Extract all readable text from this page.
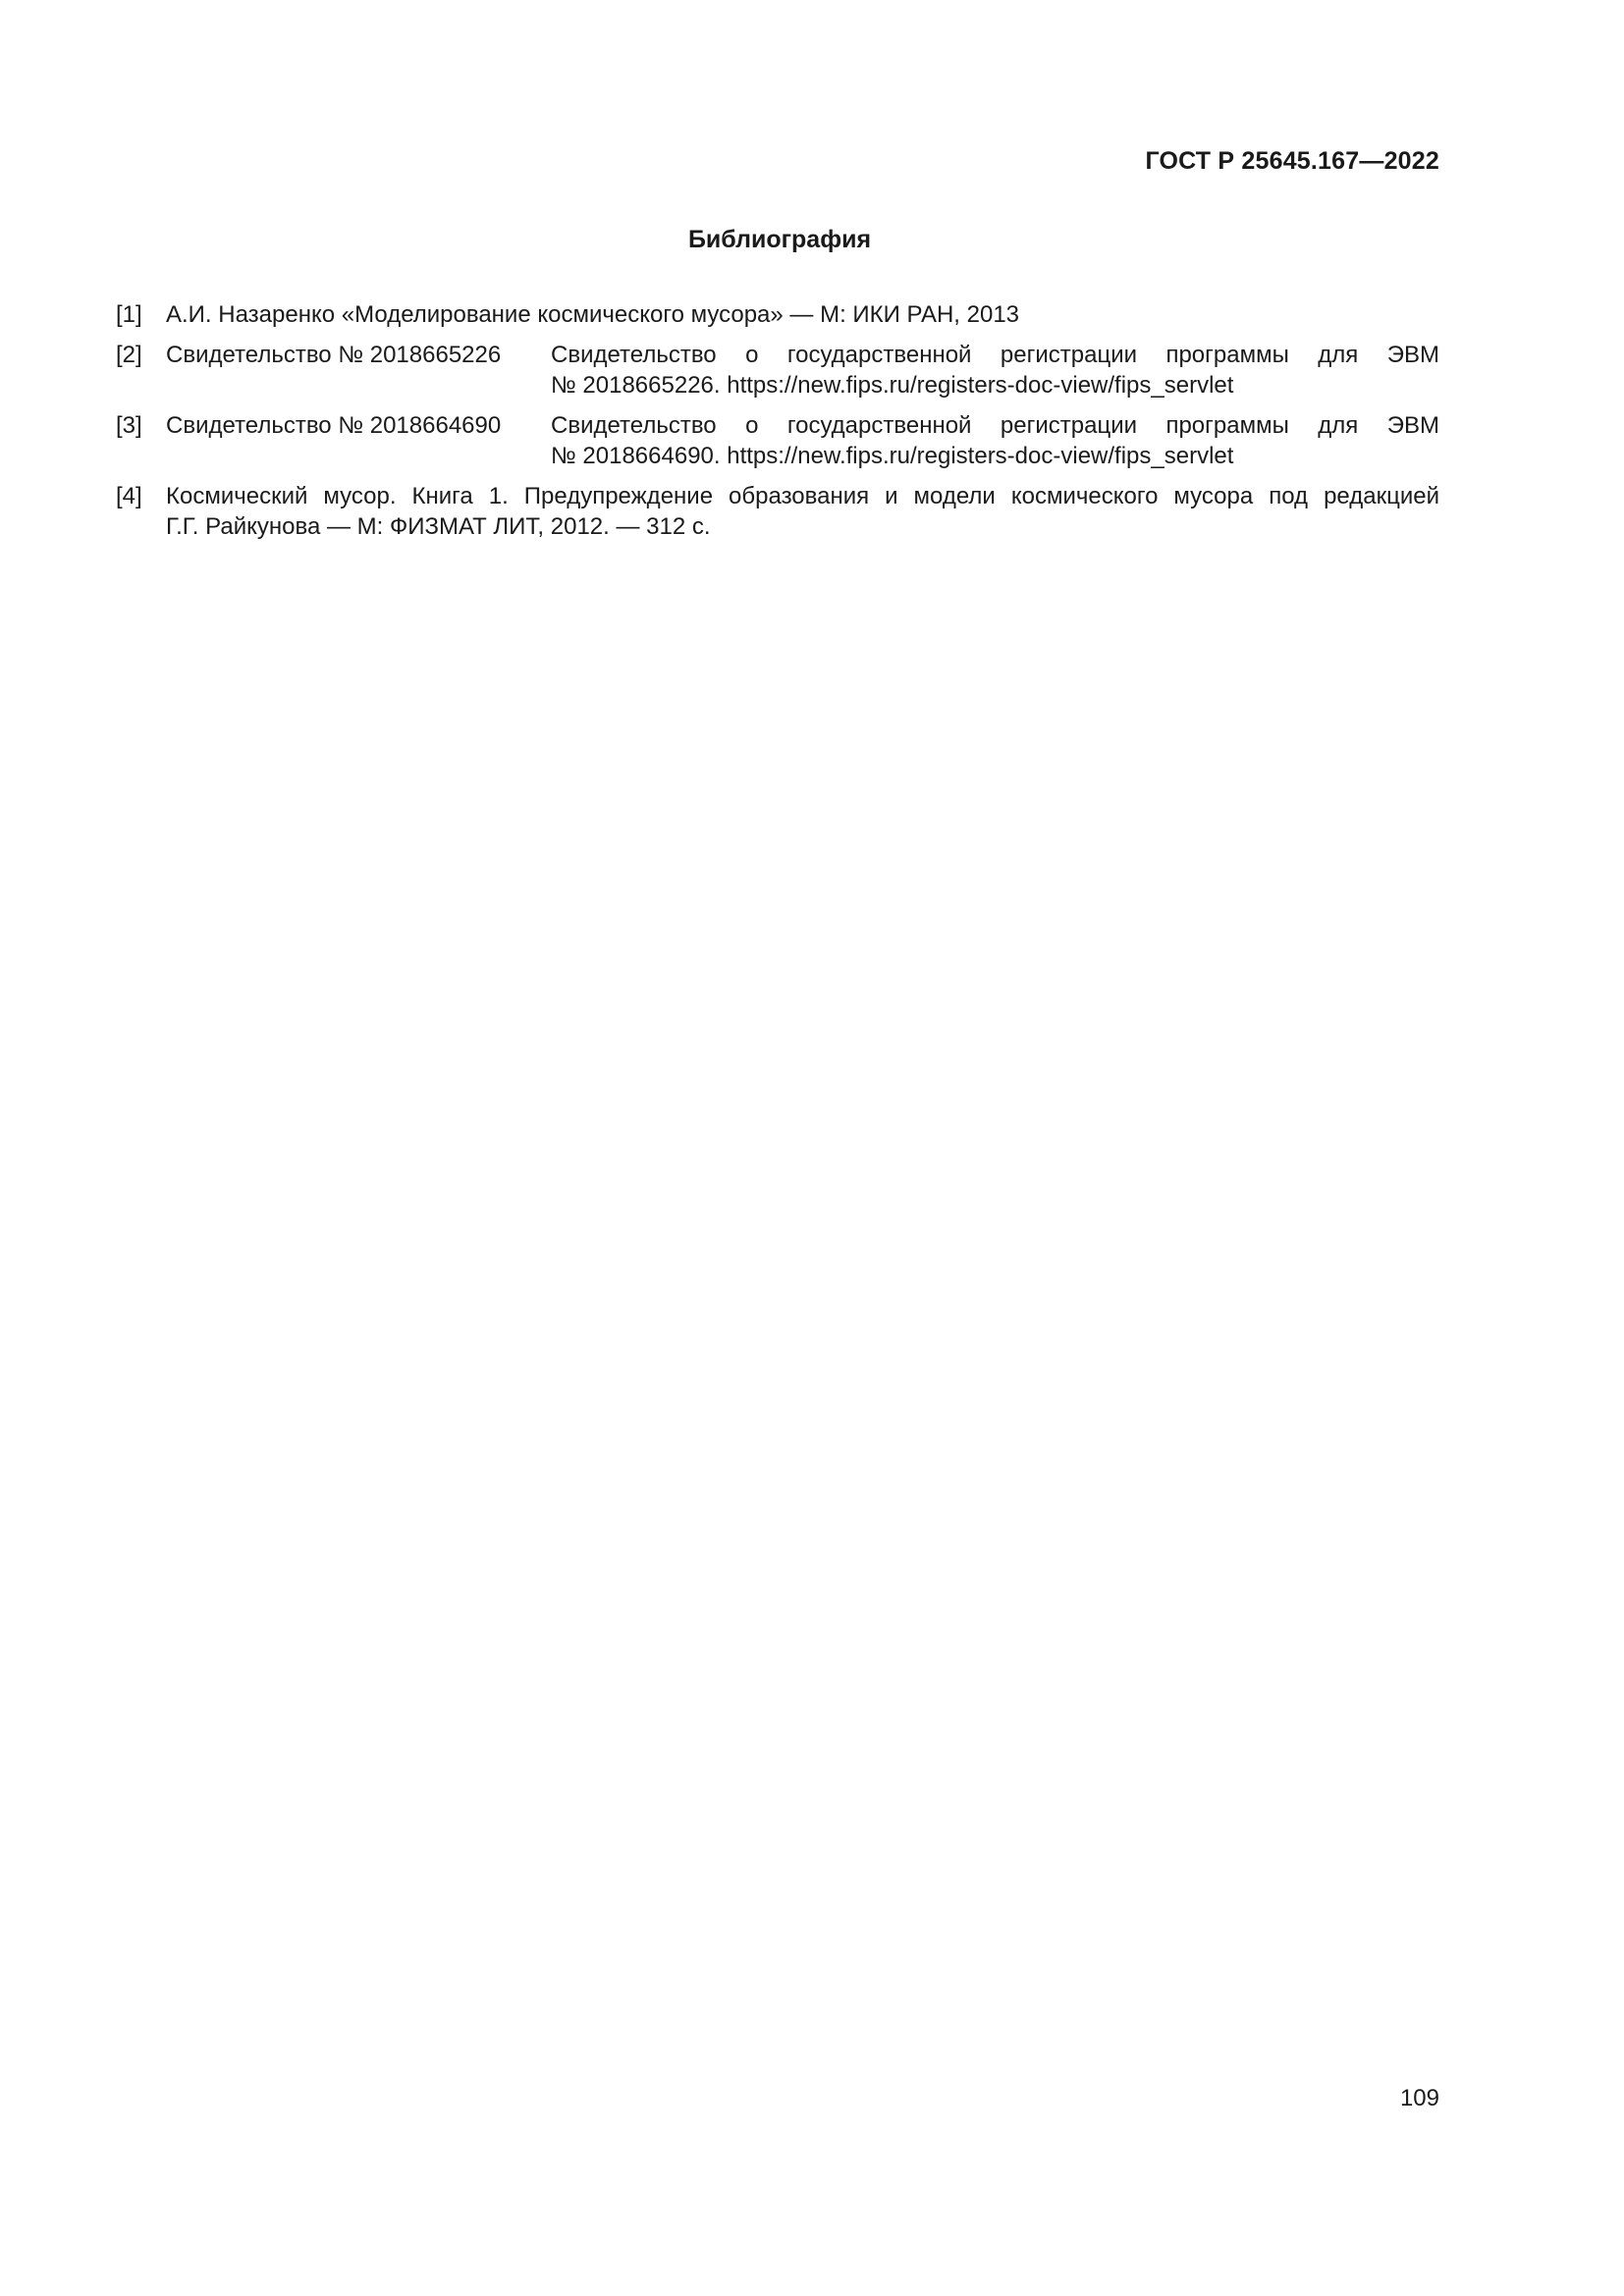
ГОСТ Р 25645.167—2022
Библиография
[1]	А.И. Назаренко «Моделирование космического мусора» — М: ИКИ РАН, 2013
[2]	Свидетельство № 2018665226	Свидетельство о государственной регистрации программы для ЭВМ
№ 2018665226. https://new.fips.ru/registers-doc-view/fips_servlet
[3]	Свидетельство № 2018664690	Свидетельство о государственной регистрации программы для ЭВМ
№ 2018664690. https://new.fips.ru/registers-doc-view/fips_servlet
[4]	Космический мусор. Книга 1. Предупреждение образования и модели космического мусора под редакцией
Г.Г. Райкунова — М: ФИЗМАТ ЛИТ, 2012. — 312 с.
109
